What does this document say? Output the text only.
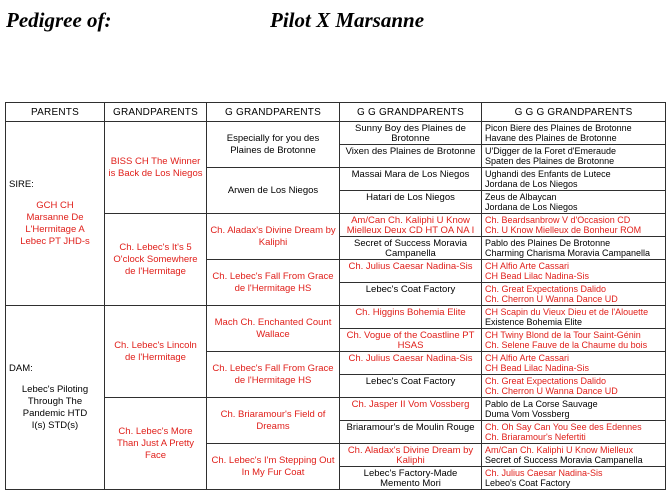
Pedigree of:	Pilot X Marsanne
PARENTS	GRANDPARENTS	G GRANDPARENTS	G G GRANDPARENTS	G G G GRANDPARENTS

SIRE:
GCH CH Marsanne De L'Hermitage A Lebec PT JHD-s	BISS CH The Winner is Back de Los Niegos	Especially for you des Plaines de Brotonne	Sunny Boy des Plaines de Brotonne	Picon Biere des Plaines de Brotonne
Havane des Plaines de Brotonne

			Vixen des Plaines de Brotonne	U'Digger de la Foret d'Emeraude
Spaten des Plaines de Brotonne

		Arwen de Los Niegos	Massai Mara de Los Niegos	Ughandi des Enfants de Lutece
Jordana de Los Niegos

			Hatari de Los Niegos	Zeus de Albaycan
Jordana de Los Niegos

	Ch. Lebec's It's 5 O'clock Somewhere de l'Hermitage	Ch. Aladax's Divine Dream by Kaliphi	Am/Can Ch. Kaliphi U Know Mielleux Deux CD HT OA NA I	Ch. Beardsanbrow V d'Occasion CD
Ch. U Know Mielleux de Bonheur ROM

			Secret of Success Moravia Campanella	Pablo des Plaines De Brotonne
Charming Charisma Moravia Campanella

		Ch. Lebec's Fall From Grace de l'Hermitage HS	Ch. Julius Caesar Nadina-Sis	CH Alfio Arte Cassari
CH Bead Lilac Nadina-Sis

			Lebec's Coat Factory	Ch. Great Expectations Dalido
Ch. Cherron U Wanna Dance UD

DAM:
Lebec's Piloting Through The Pandemic HTD I(s) STD(s)	Ch. Lebec's Lincoln de l'Hermitage	Mach Ch. Enchanted Count Wallace	Ch. Higgins Bohemia Elite	CH Scapin du Vieux Dieu et de l'Alouette
Existence Bohemia Elite

			Ch. Vogue of the Coastline PT HSAS	CH Twiny Blond de la Tour Saint-Génin
Ch. Selene Fauve de la Chaume du bois

		Ch. Lebec's Fall From Grace de l'Hermitage HS	Ch. Julius Caesar Nadina-Sis	CH Alfio Arte Cassari
CH Bead Lilac Nadina-Sis

			Lebec's Coat Factory	Ch. Great Expectations Dalido
Ch. Cherron U Wanna Dance UD

	Ch. Lebec's More Than Just A Pretty Face	Ch. Briaramour's Field of Dreams	Ch. Jasper II Vom Vossberg	Pablo de La Corse Sauvage
Duma Vom Vossberg

			Briaramour's de Moulin Rouge	Ch. Oh Say Can You See des Edennes
Ch. Briaramour's Nefertiti

		Ch. Lebec's I'm Stepping Out In My Fur Coat	Ch. Aladax's Divine Dream by Kaliphi	Am/Can Ch. Kaliphi U Know Mielleux
Secret of Success Moravia Campanella

			Lebec's Factory-Made Memento Mori	Ch. Julius Caesar Nadina-Sis
Lebeo's Coat Factory
